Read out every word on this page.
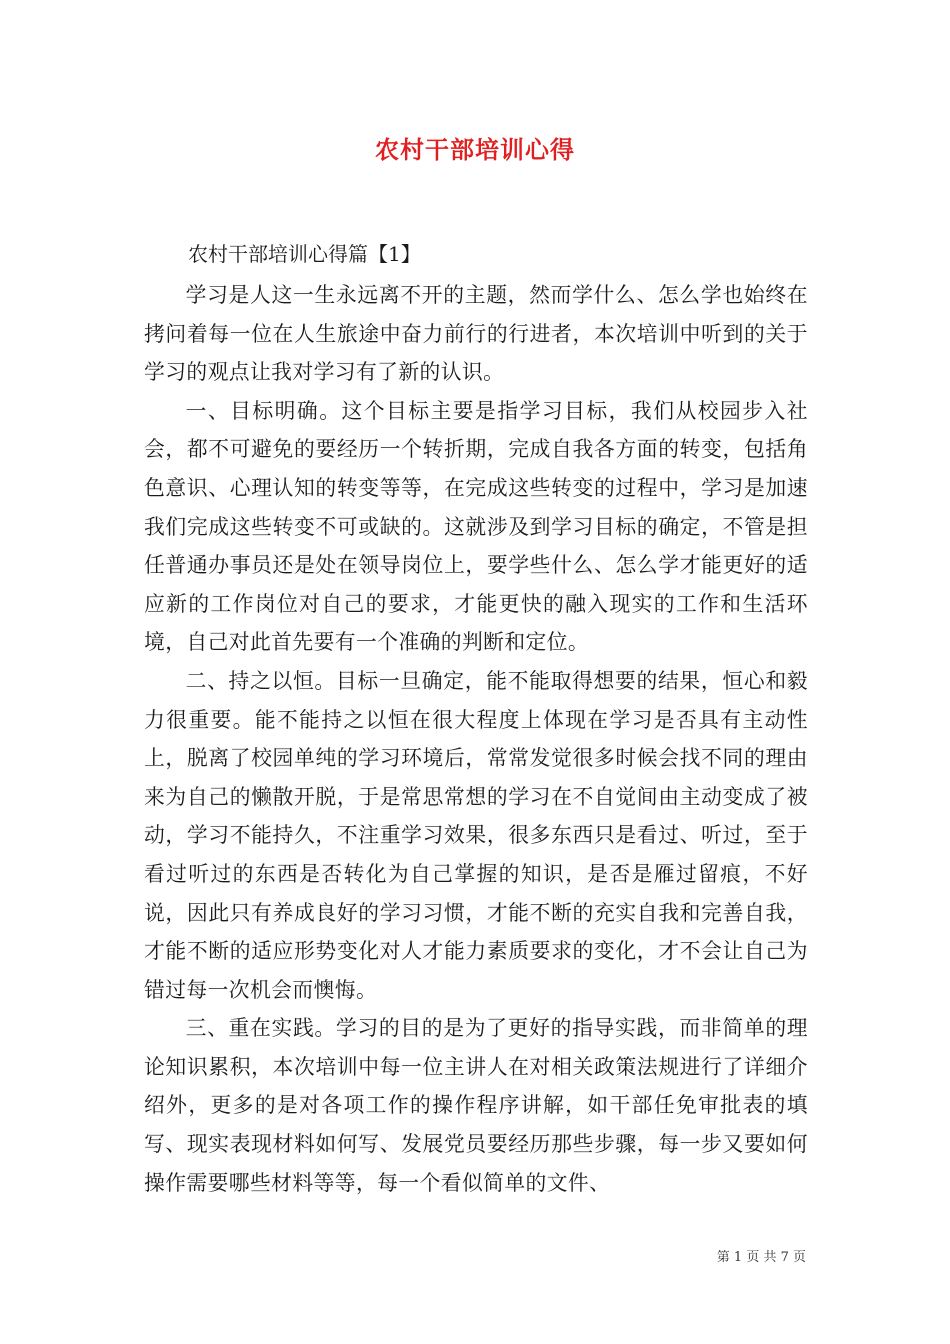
农村干部培训心得

农村干部培训心得篇【1】

学习是人这一生永远离不开的主题，然而学什么、怎么学也始终在拷问着每一位在人生旅途中奋力前行的行进者，本次培训中听到的关于学习的观点让我对学习有了新的认识。

一、目标明确。这个目标主要是指学习目标，我们从校园步入社会，都不可避免的要经历一个转折期，完成自我各方面的转变，包括角色意识、心理认知的转变等等，在完成这些转变的过程中，学习是加速我们完成这些转变不可或缺的。这就涉及到学习目标的确定，不管是担任普通办事员还是处在领导岗位上，要学些什么、怎么学才能更好的适应新的工作岗位对自己的要求，才能更快的融入现实的工作和生活环境，自己对此首先要有一个准确的判断和定位。

二、持之以恒。目标一旦确定，能不能取得想要的结果，恒心和毅力很重要。能不能持之以恒在很大程度上体现在学习是否具有主动性上，脱离了校园单纯的学习环境后，常常发觉很多时候会找不同的理由来为自己的懒散开脱，于是常思常想的学习在不自觉间由主动变成了被动，学习不能持久，不注重学习效果，很多东西只是看过、听过，至于看过听过的东西是否转化为自己掌握的知识，是否是雁过留痕，不好说，因此只有养成良好的学习习惯，才能不断的充实自我和完善自我，才能不断的适应形势变化对人才能力素质要求的变化，才不会让自己为错过每一次机会而懊悔。

三、重在实践。学习的目的是为了更好的指导实践，而非简单的理论知识累积，本次培训中每一位主讲人在对相关政策法规进行了详细介绍外，更多的是对各项工作的操作程序讲解，如干部任免审批表的填写、现实表现材料如何写、发展党员要经历那些步骤，每一步又要如何操作需要哪些材料等等，每一个看似简单的文件、

第 1 页 共 7 页
